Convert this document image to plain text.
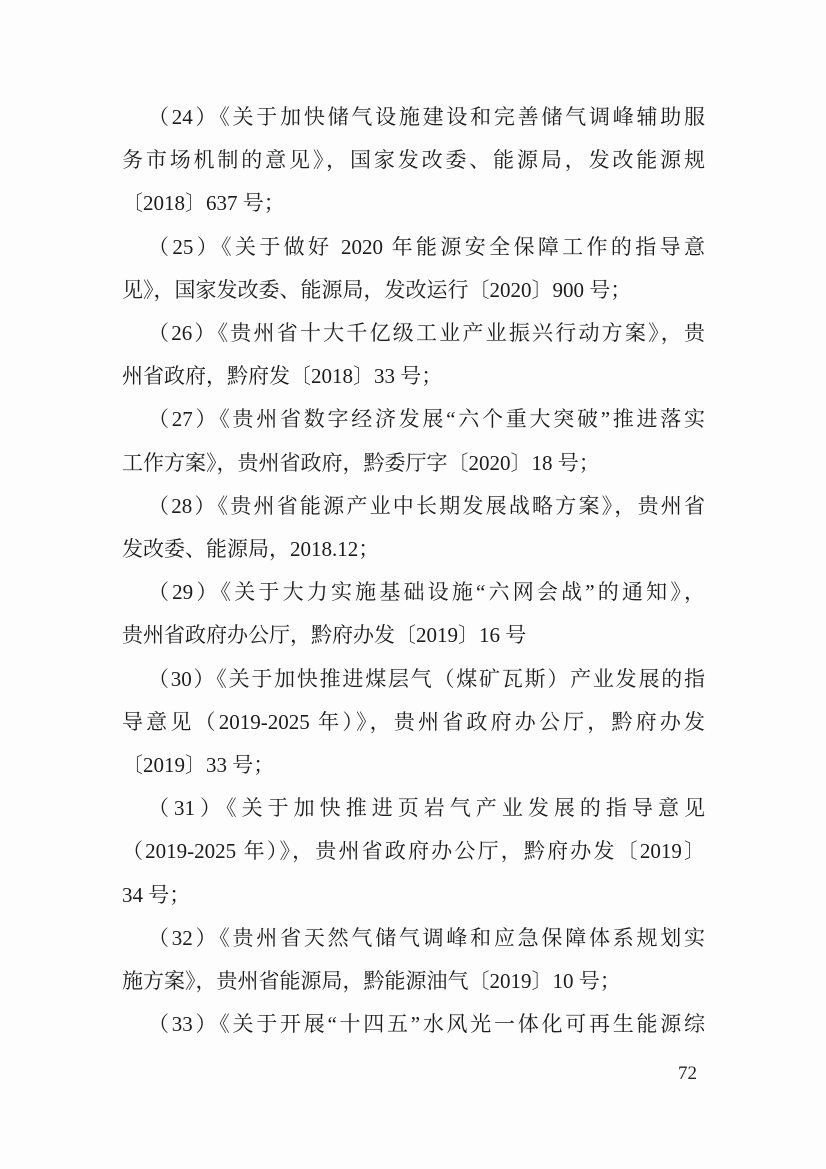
（24）《关于加快储气设施建设和完善储气调峰辅助服
务市场机制的意见》，国家发改委、能源局，发改能源规
〔2018〕637 号；
（25）《关于做好 2020 年能源安全保障工作的指导意
见》，国家发改委、能源局，发改运行〔2020〕900 号；
（26）《贵州省十大千亿级工业产业振兴行动方案》，贵
州省政府，黔府发〔2018〕33 号；
（27）《贵州省数字经济发展“六个重大突破”推进落实
工作方案》，贵州省政府，黔委厅字〔2020〕18 号；
（28）《贵州省能源产业中长期发展战略方案》，贵州省
发改委、能源局，2018.12；
（29）《关于大力实施基础设施“六网会战”的通知》，
贵州省政府办公厅，黔府办发〔2019〕16 号
（30）《关于加快推进煤层气（煤矿瓦斯）产业发展的指
导意见（2019-2025 年）》，贵州省政府办公厅，黔府办发
〔2019〕33 号；
（31）《关于加快推进页岩气产业发展的指导意见
（2019-2025 年）》，贵州省政府办公厅，黔府办发〔2019〕
34 号；
（32）《贵州省天然气储气调峰和应急保障体系规划实
施方案》，贵州省能源局，黔能源油气〔2019〕10 号；
（33）《关于开展“十四五”水风光一体化可再生能源综
72
